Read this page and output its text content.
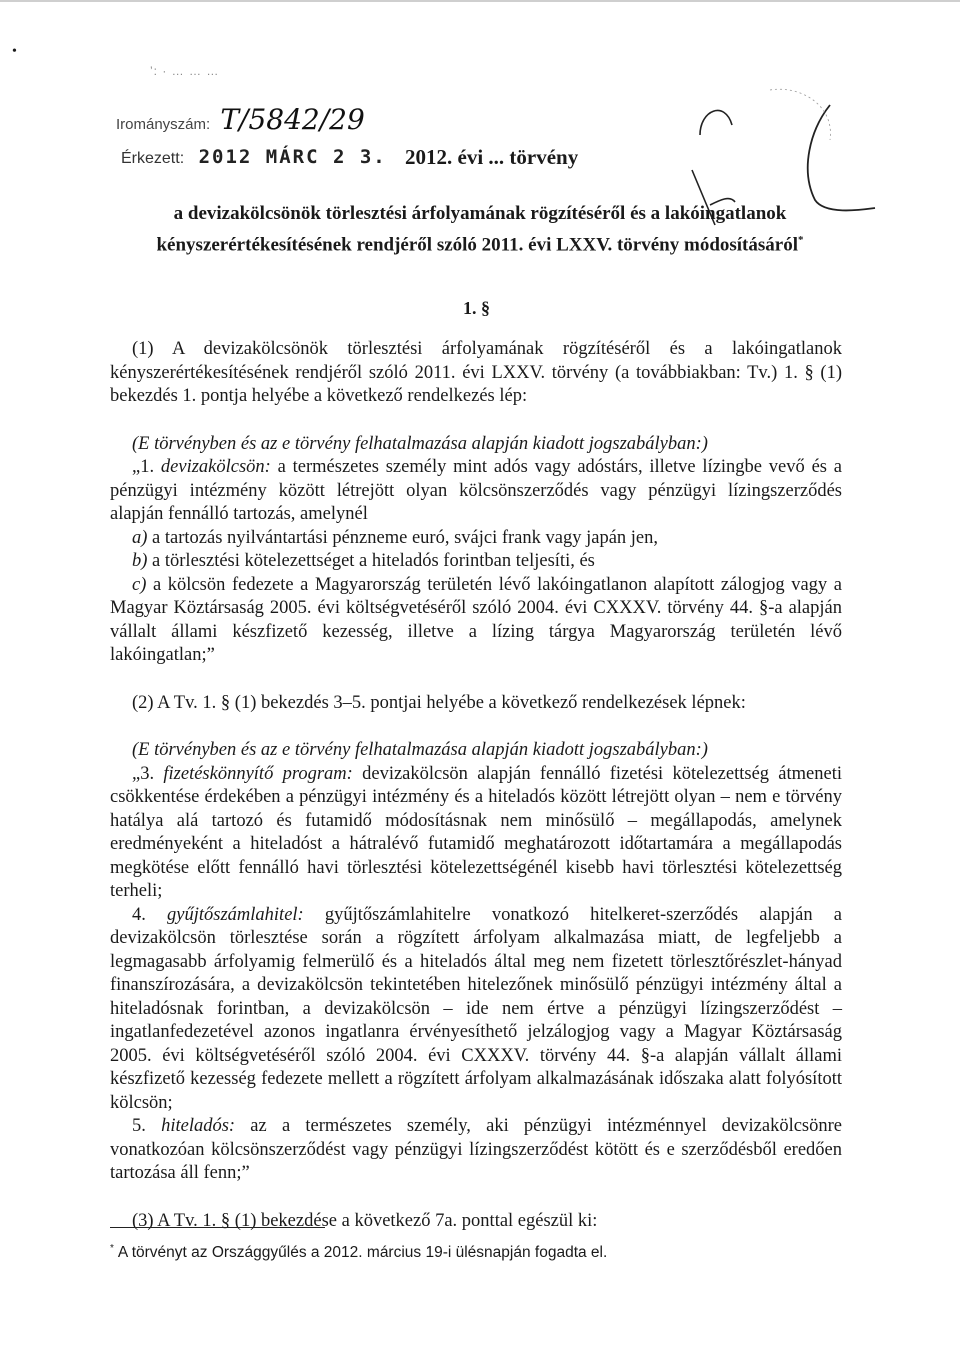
•
’: · … … …
Irományszám: T/5842/29
Érkezett: 2012 MÁRC 2 3. 2012. évi ... törvény
a devizakölcsönök törlesztési árfolyamának rögzítéséről és a lakóingatlanok
kényszerértékesítésének rendjéről szóló 2011. évi LXXV. törvény módosításáról*
1. §

(1) A devizakölcsönök törlesztési árfolyamának rögzítéséről és a lakóingatlanok kényszerértékesítésének rendjéről szóló 2011. évi LXXV. törvény (a továbbiakban: Tv.) 1. § (1) bekezdés 1. pontja helyébe a következő rendelkezés lép:

(E törvényben és az e törvény felhatalmazása alapján kiadott jogszabályban:)

„1. devizakölcsön: a természetes személy mint adós vagy adóstárs, illetve lízingbe vevő és a pénzügyi intézmény között létrejött olyan kölcsönszerződés vagy pénzügyi lízingszerződés alapján fennálló tartozás, amelynél

a) a tartozás nyilvántartási pénzneme euró, svájci frank vagy japán jen,

b) a törlesztési kötelezettséget a hiteladós forintban teljesíti, és

c) a kölcsön fedezete a Magyarország területén lévő lakóingatlanon alapított zálogjog vagy a Magyar Köztársaság 2005. évi költségvetéséről szóló 2004. évi CXXXV. törvény 44. §-a alapján vállalt állami készfizető kezesség, illetve a lízing tárgya Magyarország területén lévő lakóingatlan;”

(2) A Tv. 1. § (1) bekezdés 3–5. pontjai helyébe a következő rendelkezések lépnek:

(E törvényben és az e törvény felhatalmazása alapján kiadott jogszabályban:)

„3. fizetéskönnyítő program: devizakölcsön alapján fennálló fizetési kötelezettség átmeneti csökkentése érdekében a pénzügyi intézmény és a hiteladós között létrejött olyan – nem e törvény hatálya alá tartozó és futamidő módosításnak nem minősülő – megállapodás, amelynek eredményeként a hiteladóst a hátralévő futamidő meghatározott időtartamára a megállapodás megkötése előtt fennálló havi törlesztési kötelezettségénél kisebb havi törlesztési kötelezettség terheli;

4. gyűjtőszámlahitel: gyűjtőszámlahitelre vonatkozó hitelkeret-szerződés alapján a devizakölcsön törlesztése során a rögzített árfolyam alkalmazása miatt, de legfeljebb a legmagasabb árfolyamig felmerülő és a hiteladós által meg nem fizetett törlesztőrészlet-hányad finanszírozására, a devizakölcsön tekintetében hitelezőnek minősülő pénzügyi intézmény által a hiteladósnak forintban, a devizakölcsön – ide nem értve a pénzügyi lízingszerződést – ingatlanfedezetével azonos ingatlanra érvényesíthető jelzálogjog vagy a Magyar Köztársaság 2005. évi költségvetéséről szóló 2004. évi CXXXV. törvény 44. §-a alapján vállalt állami készfizető kezesség fedezete mellett a rögzített árfolyam alkalmazásának időszaka alatt folyósított kölcsön;

5. hiteladós: az a természetes személy, aki pénzügyi intézménnyel devizakölcsönre vonatkozóan kölcsönszerződést vagy pénzügyi lízingszerződést kötött és e szerződésből eredően tartozása áll fenn;”

(3) A Tv. 1. § (1) bekezdése a következő 7a. ponttal egészül ki:

* A törvényt az Országgyűlés a 2012. március 19-i ülésnapján fogadta el.
